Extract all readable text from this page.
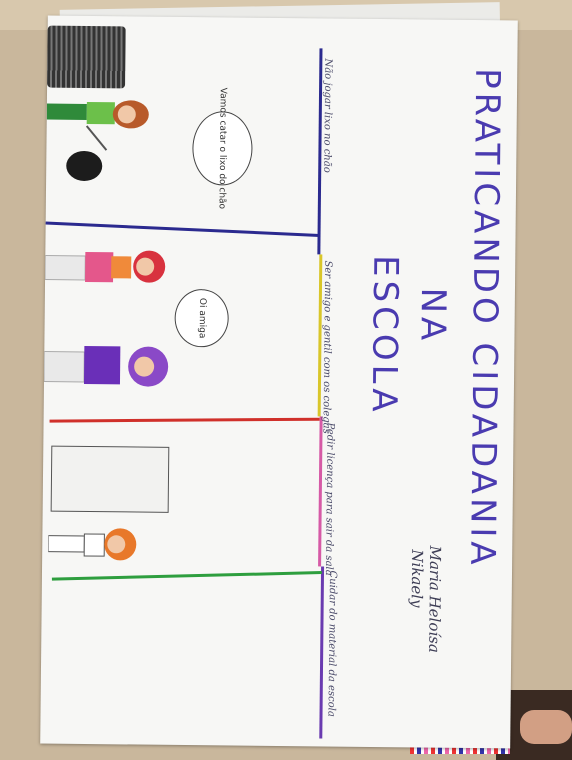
PRATICANDO CIDADANIA
NA
ESCOLA
Maria Heloísa
Nikaely
Não jogar lixo no chão
Ser amigo e gentil com os colegas
Pedir licença para sair da sala
Cuidar do material da escola
Vamos catar o lixo do chão
Oi amiga
